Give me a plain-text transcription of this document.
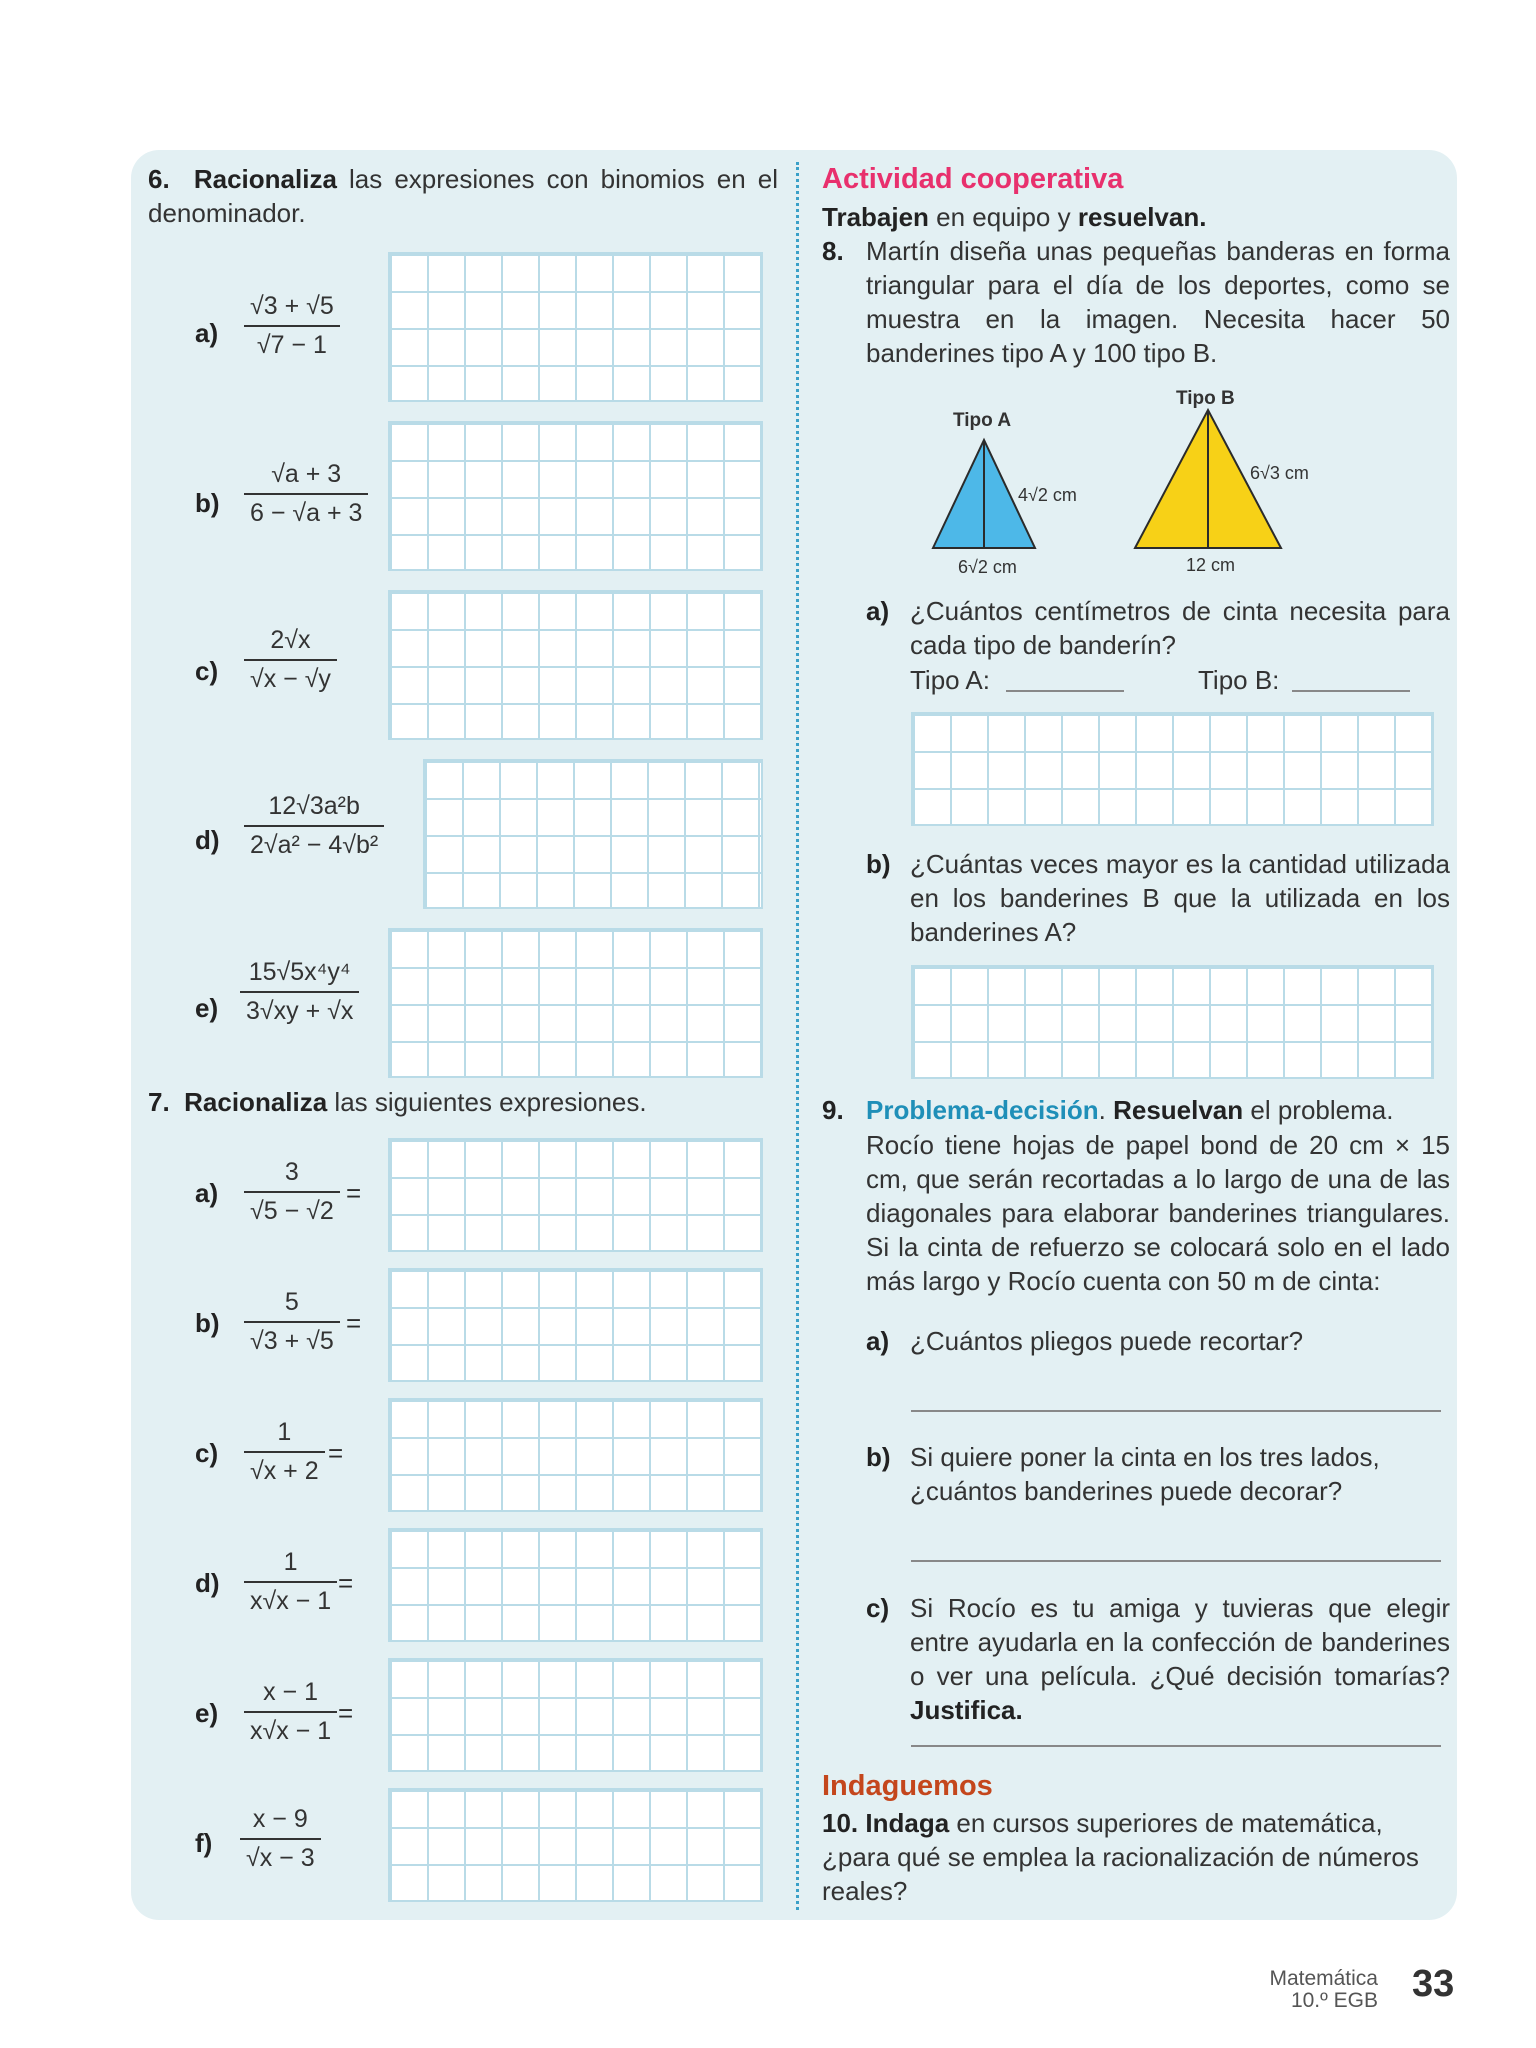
6. Racionaliza las expresiones con binomios en el denominador.
$a) \frac{√3 + √5}{√7 - 1}$
$b) \frac{√a + 3}{6 - √a + 3}$
$c) \frac{2√x}{√x - √y}$
$d) \frac{\text{12√3a²b}}{\text{2√a² − 4√b²}}$
$e) \frac{\text{15√5x⁴y⁴}}{3√xy + √x}$
7. Racionaliza las siguientes expresiones.
$a) \frac{3}{√5 - √2}$ =
$b) \frac{5}{√3 + √5}$ =
$c) \frac{1}{√x + 2}$ =
$d) \frac{1}{x√x - 1}$ =
$e) \frac{x - 1}{x√x - 1}$ =
$f) \frac{x - 9}{√x - 3}$
Actividad cooperativa
Trabajen en equipo y resuelvan.
8. Martín diseña unas pequeñas banderas en forma triangular para el día de los deportes, como se muestra en la imagen. Necesita hacer 50 banderines tipo A y 100 tipo B.
Tipo A
Tipo B
4√2 cm
6√2 cm
6√3 cm
12 cm
a) ¿Cuántos centímetros de cinta necesita para cada tipo de banderín?
Tipo A:	Tipo B:
b) ¿Cuántas veces mayor es la cantidad utilizada en los banderines B que la utilizada en los banderines A?
9. Problema-decisión. Resuelvan el problema.
Rocío tiene hojas de papel bond de 20 cm × 15 cm, que serán recortadas a lo largo de una de las diagonales para elaborar banderines triangulares. Si la cinta de refuerzo se colocará solo en el lado más largo y Rocío cuenta con 50 m de cinta:
a) ¿Cuántos pliegos puede recortar?
b) Si quiere poner la cinta en los tres lados, ¿cuántos banderines puede decorar?
c) Si Rocío es tu amiga y tuvieras que elegir entre ayudarla en la confección de banderines o ver una película. ¿Qué decisión tomarías? Justifica.
Indaguemos
10. Indaga en cursos superiores de matemática, ¿para qué se emplea la racionalización de números reales?
Matemática
10.º EGB 33
